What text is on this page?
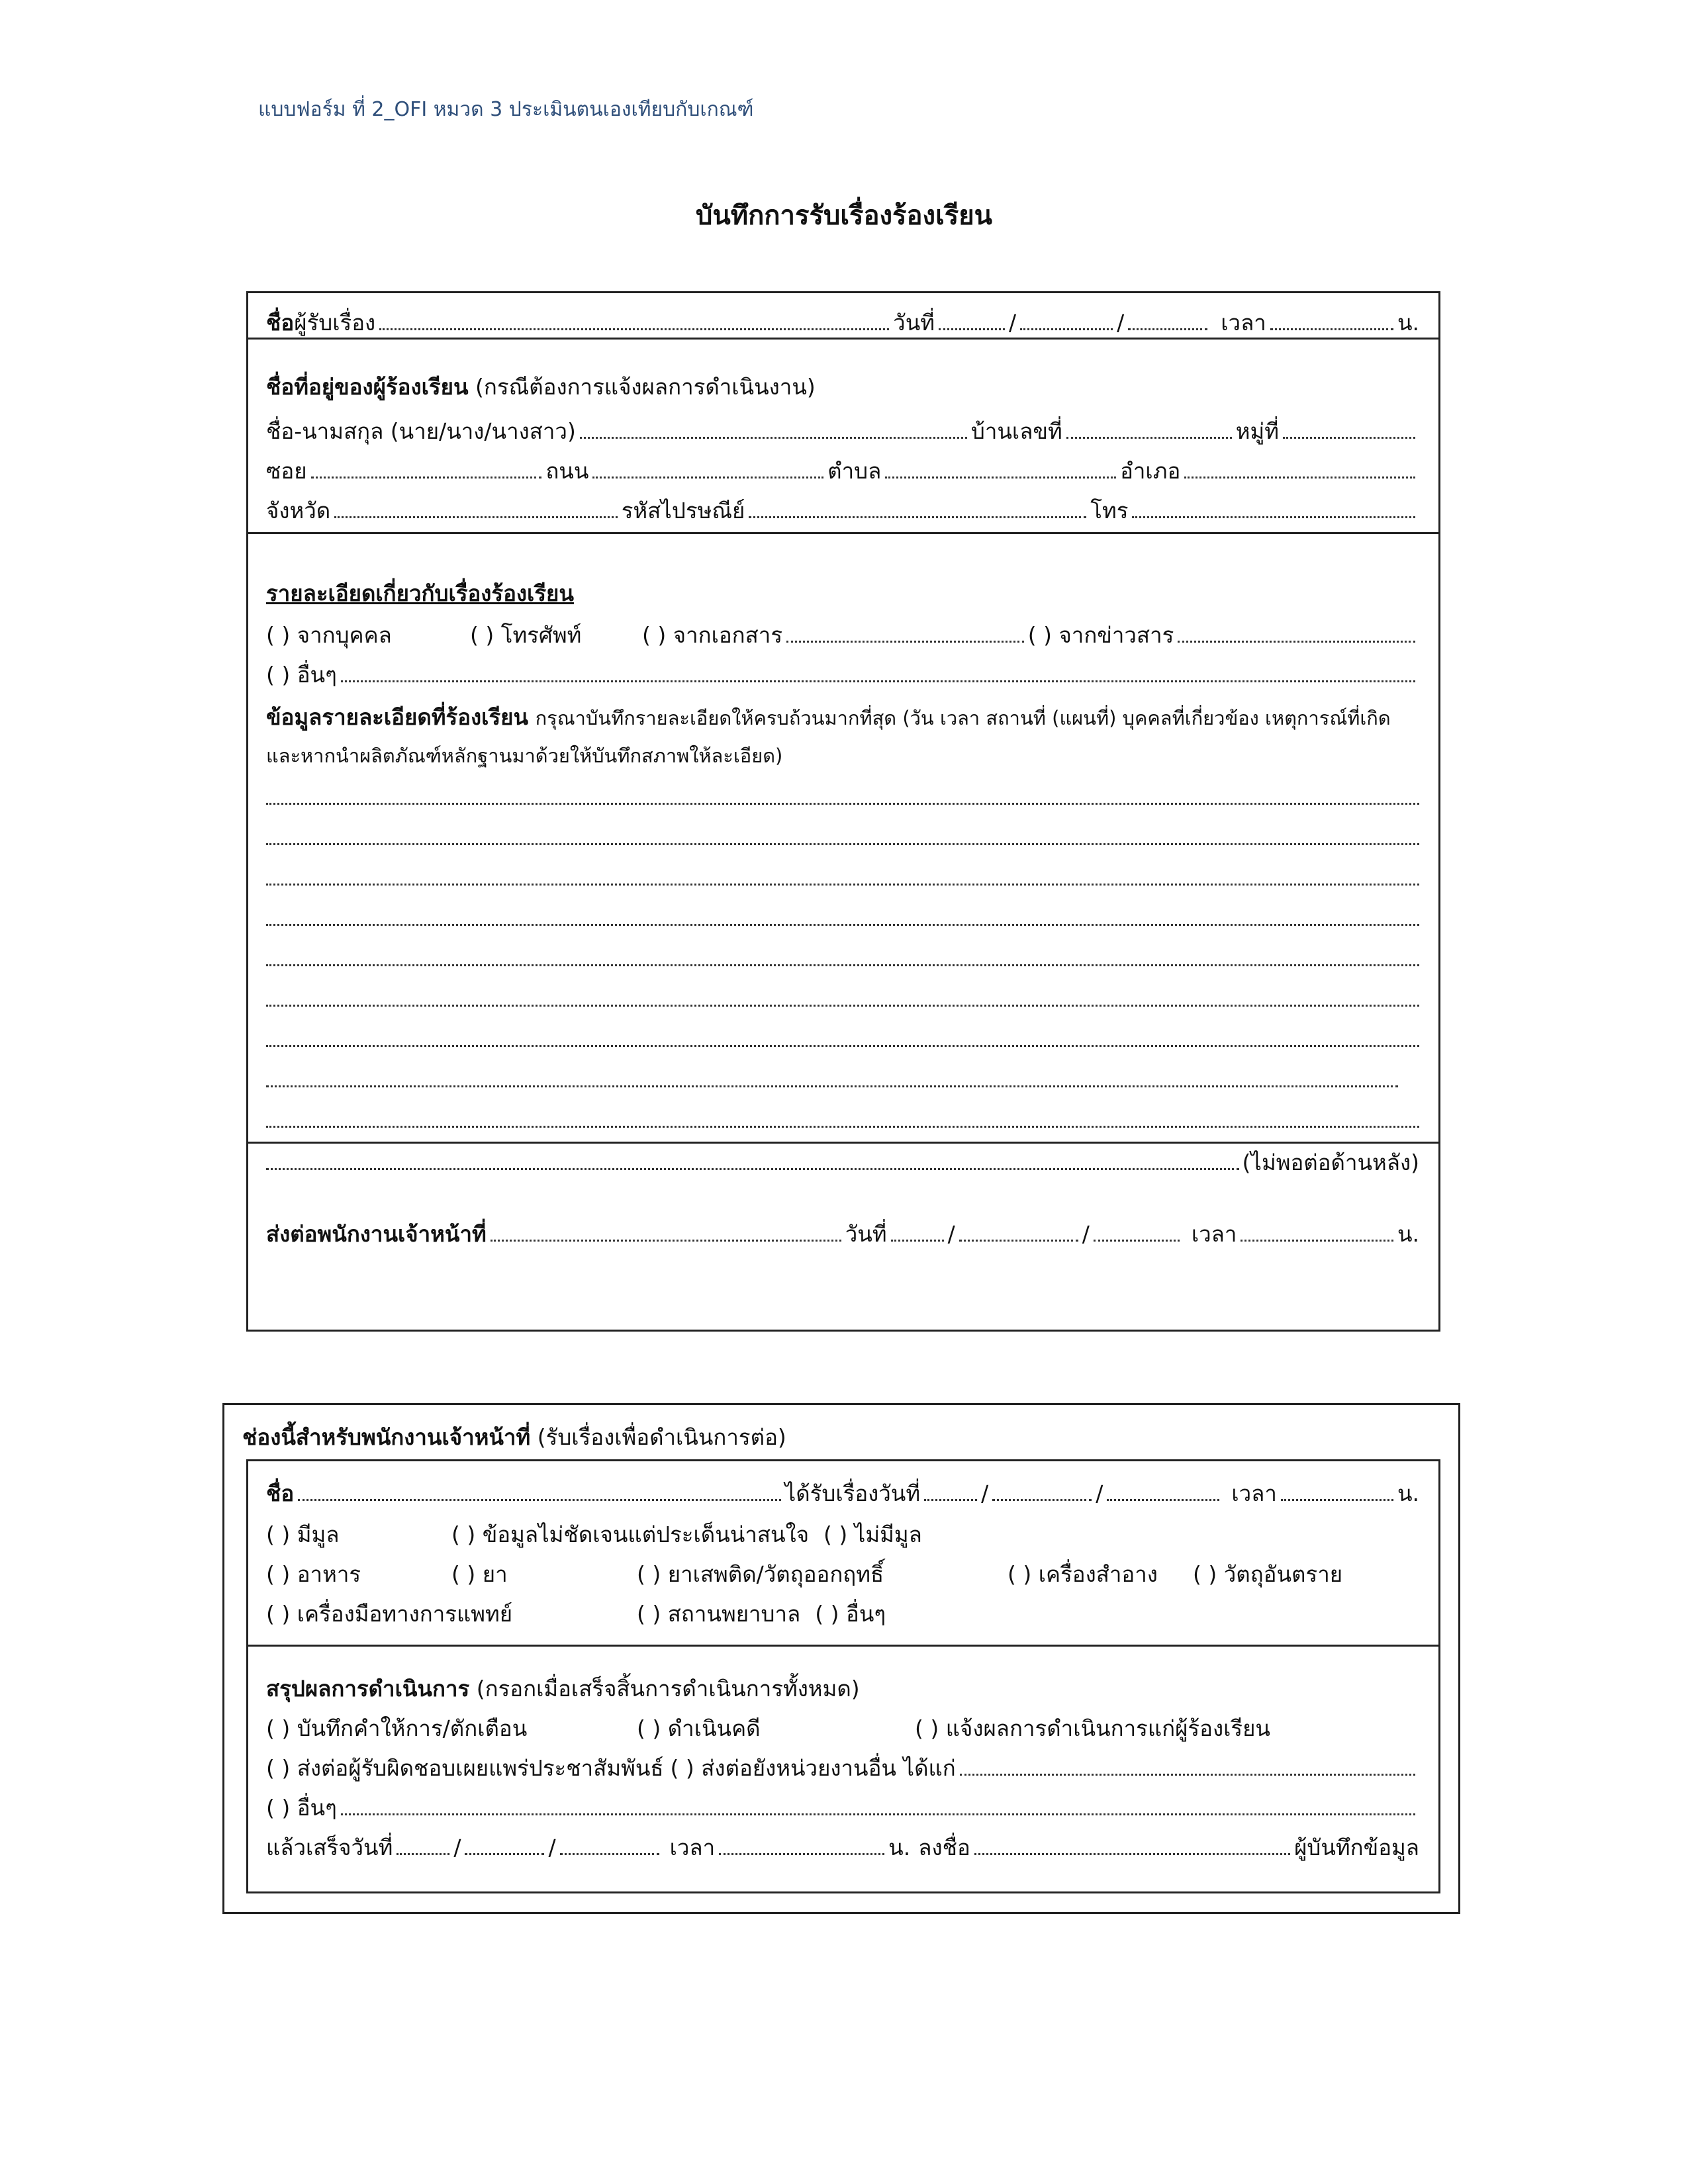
แบบฟอร์ม ที่ 2_OFI หมวด 3 ประเมินตนเองเทียบกับเกณฑ์
บันทึกการรับเรื่องร้องเรียน
ชื่อ ผู้รับเรื่อง	วันที่	/	/	เวลา	น.
ชื่อที่อยู่ของผู้ร้องเรียน (กรณีต้องการแจ้งผลการดำเนินงาน)
ชื่อ-นามสกุล (นาย/นาง/นางสาว)	บ้านเลขที่	หมู่ที่
ซอย	ถนน	ตำบล	อำเภอ
จังหวัด	รหัสไปรษณีย์	โทร
รายละเอียดเกี่ยวกับเรื่องร้องเรียน
( ) จากบุคคล	( ) โทรศัพท์	( ) จากเอกสาร	( ) จากข่าวสาร
( ) อื่นๆ
ข้อมูลรายละเอียดที่ร้องเรียน กรุณาบันทึกรายละเอียดให้ครบถ้วนมากที่สุด (วัน เวลา สถานที่ (แผนที่) บุคคลที่เกี่ยวข้อง เหตุการณ์ที่เกิด
และหากนำผลิตภัณฑ์หลักฐานมาด้วยให้บันทึกสภาพให้ละเอียด)
(ไม่พอต่อด้านหลัง)
ส่งต่อพนักงานเจ้าหน้าที่	วันที่	/	/	เวลา	น.
ช่องนี้สำหรับพนักงานเจ้าหน้าที่ (รับเรื่องเพื่อดำเนินการต่อ)
ชื่อ	ได้รับเรื่องวันที่	/	/	เวลา	น.
( ) มีมูล	( ) ข้อมูลไม่ชัดเจนแต่ประเด็นน่าสนใจ ( ) ไม่มีมูล
( ) อาหาร	( ) ยา	( ) ยาเสพติด/วัตถุออกฤทธิ์	( ) เครื่องสำอาง ( ) วัตถุอันตราย
( ) เครื่องมือทางการแพทย์	( ) สถานพยาบาล ( ) อื่นๆ
สรุปผลการดำเนินการ (กรอกเมื่อเสร็จสิ้นการดำเนินการทั้งหมด)
( ) บันทึกคำให้การ/ตักเตือน	( ) ดำเนินคดี	( ) แจ้งผลการดำเนินการแก่ผู้ร้องเรียน
( ) ส่งต่อผู้รับผิดชอบเผยแพร่ประชาสัมพันธ์ ( ) ส่งต่อยังหน่วยงานอื่น ได้แก่
( ) อื่นๆ
แล้วเสร็จวันที่	/	/	เวลา	น. ลงชื่อ	ผู้บันทึกข้อมูล
